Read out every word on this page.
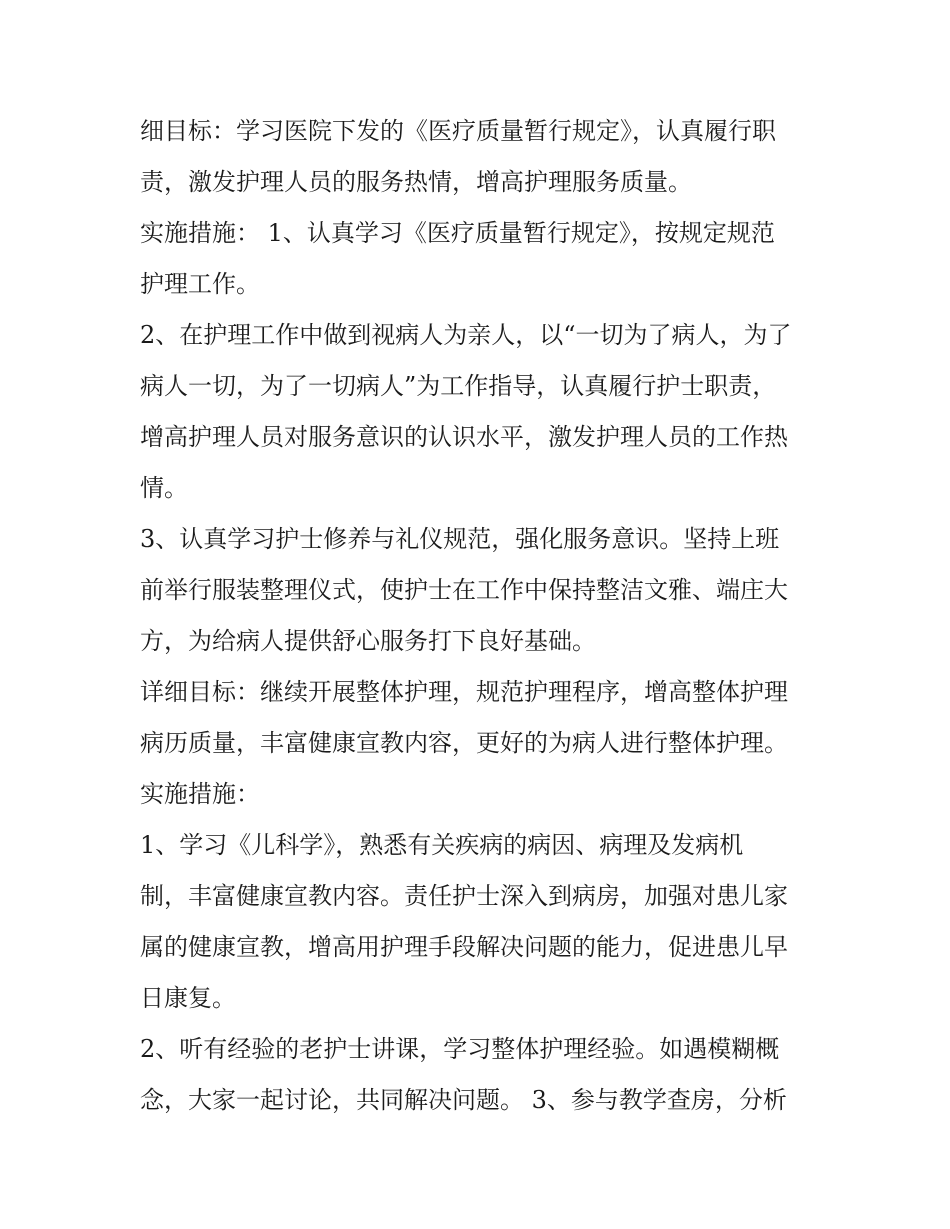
细目标：学习医院下发的《医疗质量暂行规定》，认真履行职
责，激发护理人员的服务热情，增高护理服务质量。
实施措施： 1、认真学习《医疗质量暂行规定》，按规定规范
护理工作。
2、在护理工作中做到视病人为亲人，以“一切为了病人，为了
病人一切，为了一切病人”为工作指导，认真履行护士职责，
增高护理人员对服务意识的认识水平，激发护理人员的工作热
情。
3、认真学习护士修养与礼仪规范，强化服务意识。坚持上班
前举行服装整理仪式，使护士在工作中保持整洁文雅、端庄大
方，为给病人提供舒心服务打下良好基础。
详细目标：继续开展整体护理，规范护理程序，增高整体护理
病历质量，丰富健康宣教内容，更好的为病人进行整体护理。
实施措施：
1、学习《儿科学》，熟悉有关疾病的病因、病理及发病机
制，丰富健康宣教内容。责任护士深入到病房，加强对患儿家
属的健康宣教，增高用护理手段解决问题的能力，促进患儿早
日康复。
2、听有经验的老护士讲课，学习整体护理经验。如遇模糊概
念，大家一起讨论，共同解决问题。 3、参与教学查房，分析
